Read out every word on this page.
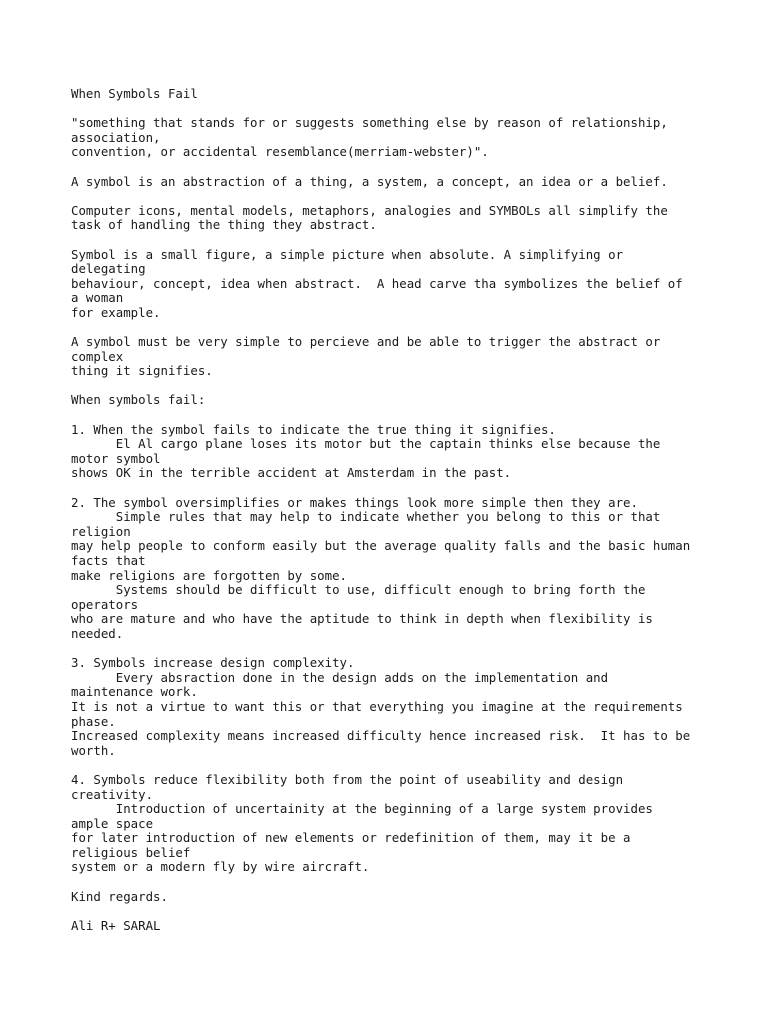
When Symbols Fail
"something that stands for or suggests something else by reason of relationship,
association,
convention, or accidental resemblance(merriam-webster)".
A symbol is an abstraction of a thing, a system, a concept, an idea or a belief.
Computer icons, mental models, metaphors, analogies and SYMBOLs all simplify the
task of handling the thing they abstract.
Symbol is a small figure, a simple picture when absolute. A simplifying or
delegating
behaviour, concept, idea when abstract.  A head carve tha symbolizes the belief of
a woman
for example.
A symbol must be very simple to percieve and be able to trigger the abstract or
complex
thing it signifies.
When symbols fail:
1. When the symbol fails to indicate the true thing it signifies.
El Al cargo plane loses its motor but the captain thinks else because the
motor symbol
shows OK in the terrible accident at Amsterdam in the past.
2. The symbol oversimplifies or makes things look more simple then they are.
Simple rules that may help to indicate whether you belong to this or that
religion
may help people to conform easily but the average quality falls and the basic human
facts that
make religions are forgotten by some.
Systems should be difficult to use, difficult enough to bring forth the
operators
who are mature and who have the aptitude to think in depth when flexibility is
needed.
3. Symbols increase design complexity.
Every absraction done in the design adds on the implementation and
maintenance work.
It is not a virtue to want this or that everything you imagine at the requirements
phase.
Increased complexity means increased difficulty hence increased risk.  It has to be
worth.
4. Symbols reduce flexibility both from the point of useability and design
creativity.
Introduction of uncertainity at the beginning of a large system provides
ample space
for later introduction of new elements or redefinition of them, may it be a
religious belief
system or a modern fly by wire aircraft.
Kind regards.
Ali R+ SARAL
